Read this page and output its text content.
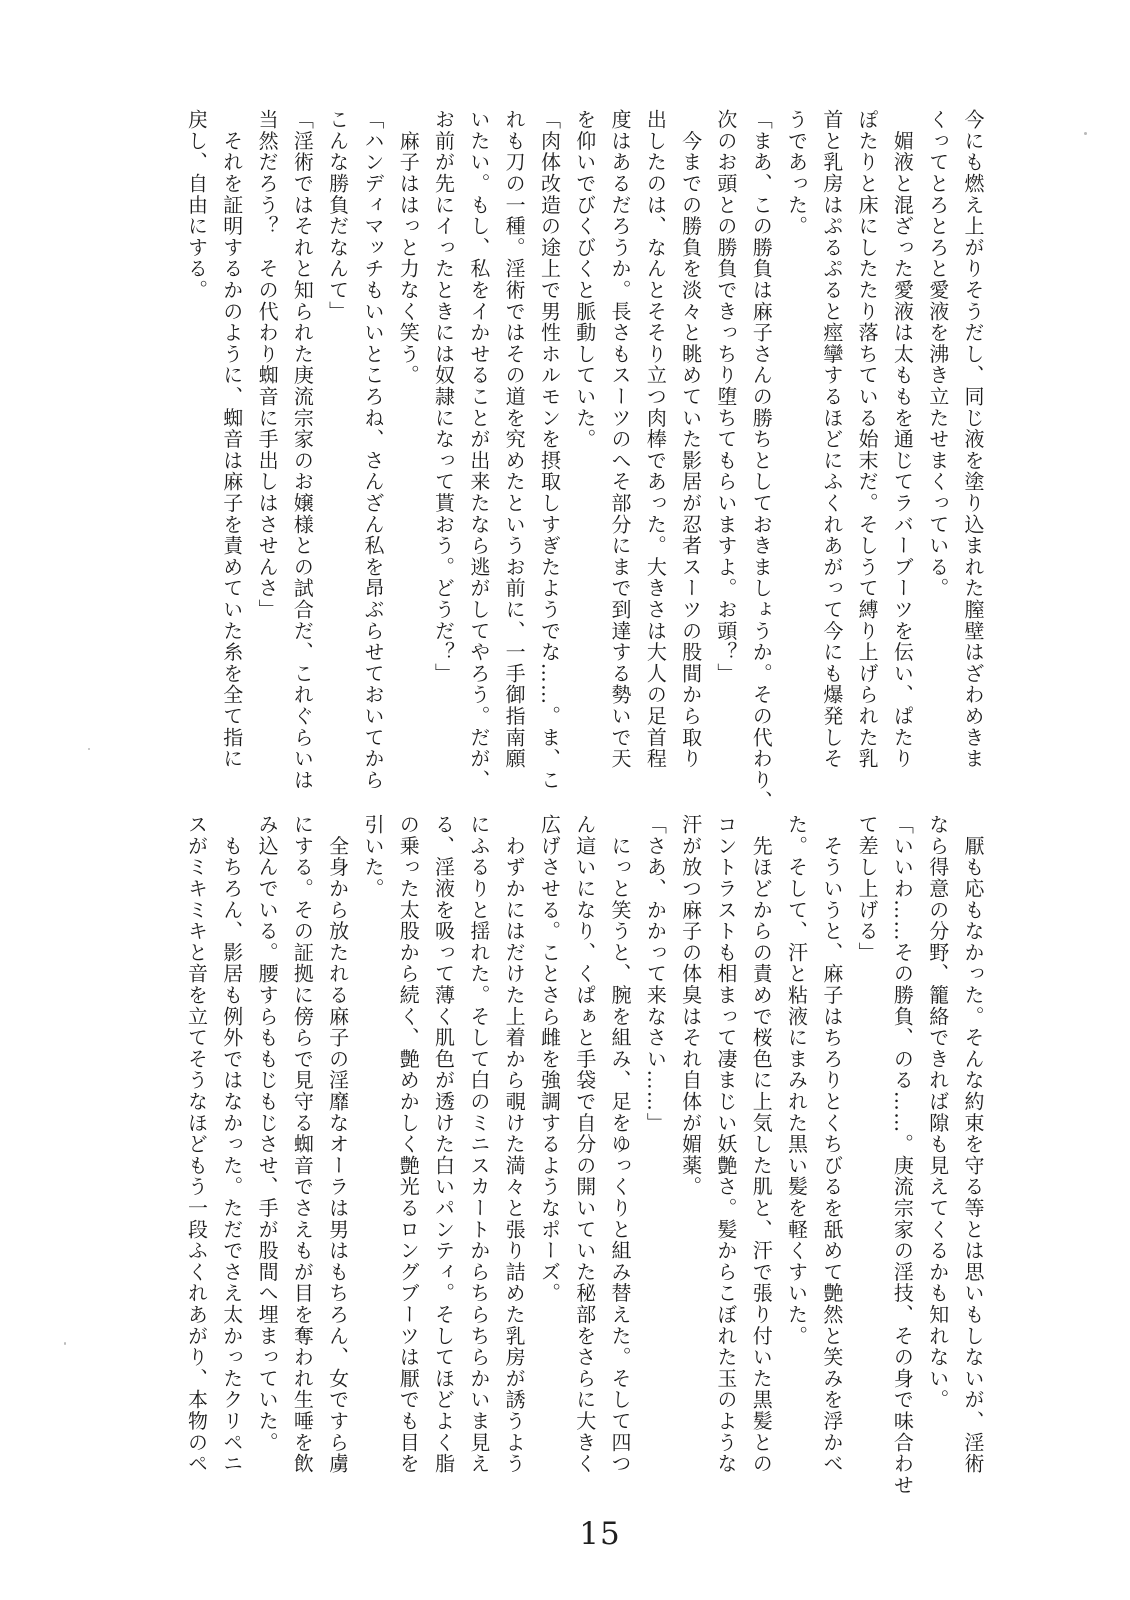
今にも燃え上がりそうだし、同じ液を塗り込まれた膣壁はざわめきま

くってとろとろと愛液を沸き立たせまくっている。

　媚液と混ざった愛液は太ももを通じてラバーブーツを伝い、ぱたり

ぽたりと床にしたたり落ちている始末だ。そしうて縛り上げられた乳

首と乳房はぷるぷると痙攣するほどにふくれあがって今にも爆発しそ

うであった。

「まあ、この勝負は麻子さんの勝ちとしておきましょうか。その代わり、

次のお頭との勝負できっちり堕ちてもらいますよ。お頭？」

　今までの勝負を淡々と眺めていた影居が忍者スーツの股間から取り

出したのは、なんとそそり立つ肉棒であった。大きさは大人の足首程

度はあるだろうか。長さもスーツのへそ部分にまで到達する勢いで天

を仰いでびくびくと脈動していた。

「肉体改造の途上で男性ホルモンを摂取しすぎたようでな……。ま、こ

れも刀の一種。淫術ではその道を究めたというお前に、一手御指南願

いたい。もし、私をイかせることが出来たなら逃がしてやろう。だが、

お前が先にイったときには奴隷になって貰おう。どうだ？」

　麻子ははっと力なく笑う。

「ハンディマッチもいいところね、さんざん私を昂ぶらせておいてから

こんな勝負だなんて」

「淫術ではそれと知られた庚流宗家のお嬢様との試合だ、これぐらいは

当然だろう？　その代わり蜘音に手出しはさせんさ」

　それを証明するかのように、蜘音は麻子を責めていた糸を全て指に

戻し、自由にする。

　厭も応もなかった。そんな約束を守る等とは思いもしないが、淫術

なら得意の分野、籠絡できれば隙も見えてくるかも知れない。

「いいわ……その勝負、のる……。庚流宗家の淫技、その身で味合わせ

て差し上げる」

　そういうと、麻子はちろりとくちびるを舐めて艶然と笑みを浮かべ

た。そして、汗と粘液にまみれた黒い髪を軽くすいた。

　先ほどからの責めで桜色に上気した肌と、汗で張り付いた黒髪との

コントラストも相まって凄まじい妖艶さ。髪からこぼれた玉のような

汗が放つ麻子の体臭はそれ自体が媚薬。

「さあ、かかって来なさい……」

　にっと笑うと、腕を組み、足をゆっくりと組み替えた。そして四つ

ん這いになり、くぱぁと手袋で自分の開いていた秘部をさらに大きく

広げさせる。ことさら雌を強調するようなポーズ。

　わずかにはだけた上着から覗けた満々と張り詰めた乳房が誘うよう

にふるりと揺れた。そして白のミニスカートからちらちらかいま見え

る、淫液を吸って薄く肌色が透けた白いパンティ。そしてほどよく脂

の乗った太股から続く、艶めかしく艶光るロングブーツは厭でも目を

引いた。

　全身から放たれる麻子の淫靡なオーラは男はもちろん、女ですら虜

にする。その証拠に傍らで見守る蜘音でさえもが目を奪われ生唾を飲

み込んでいる。腰すらももじもじさせ、手が股間へ埋まっていた。

　もちろん、影居も例外ではなかった。ただでさえ太かったクリペニ

スがミキミキと音を立てそうなほどもう一段ふくれあがり、本物のペ

15
